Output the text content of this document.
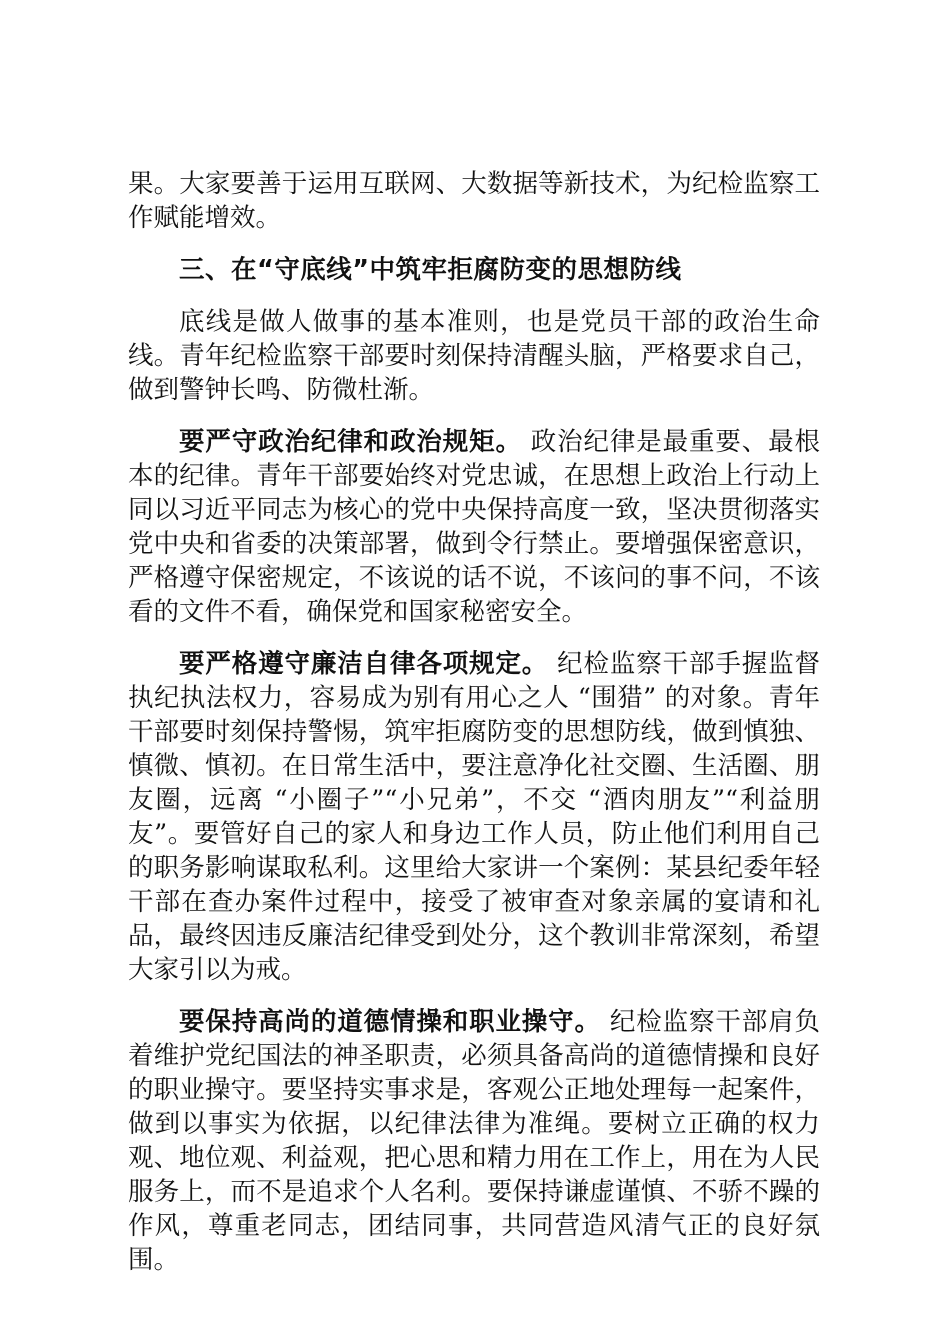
果。大家要善于运用互联网、大数据等新技术，为纪检监察工作赋能增效。

三、在“守底线”中筑牢拒腐防变的思想防线

底线是做人做事的基本准则，也是党员干部的政治生命线。青年纪检监察干部要时刻保持清醒头脑，严格要求自己，做到警钟长鸣、防微杜渐。

要严守政治纪律和政治规矩。 政治纪律是最重要、最根本的纪律。青年干部要始终对党忠诚，在思想上政治上行动上同以习近平同志为核心的党中央保持高度一致，坚决贯彻落实党中央和省委的决策部署，做到令行禁止。要增强保密意识，严格遵守保密规定，不该说的话不说，不该问的事不问，不该看的文件不看，确保党和国家秘密安全。

要严格遵守廉洁自律各项规定。 纪检监察干部手握监督执纪执法权力，容易成为别有用心之人 “围猎” 的对象。青年干部要时刻保持警惕，筑牢拒腐防变的思想防线，做到慎独、慎微、慎初。在日常生活中，要注意净化社交圈、生活圈、朋友圈，远离 “小圈子”“小兄弟”，不交 “酒肉朋友”“利益朋友”。要管好自己的家人和身边工作人员，防止他们利用自己的职务影响谋取私利。这里给大家讲一个案例：某县纪委年轻干部在查办案件过程中，接受了被审查对象亲属的宴请和礼品，最终因违反廉洁纪律受到处分，这个教训非常深刻，希望大家引以为戒。

要保持高尚的道德情操和职业操守。 纪检监察干部肩负着维护党纪国法的神圣职责，必须具备高尚的道德情操和良好的职业操守。要坚持实事求是，客观公正地处理每一起案件，做到以事实为依据，以纪律法律为准绳。要树立正确的权力观、地位观、利益观，把心思和精力用在工作上，用在为人民服务上，而不是追求个人名利。要保持谦虚谨慎、不骄不躁的作风，尊重老同志，团结同事，共同营造风清气正的良好氛围。
